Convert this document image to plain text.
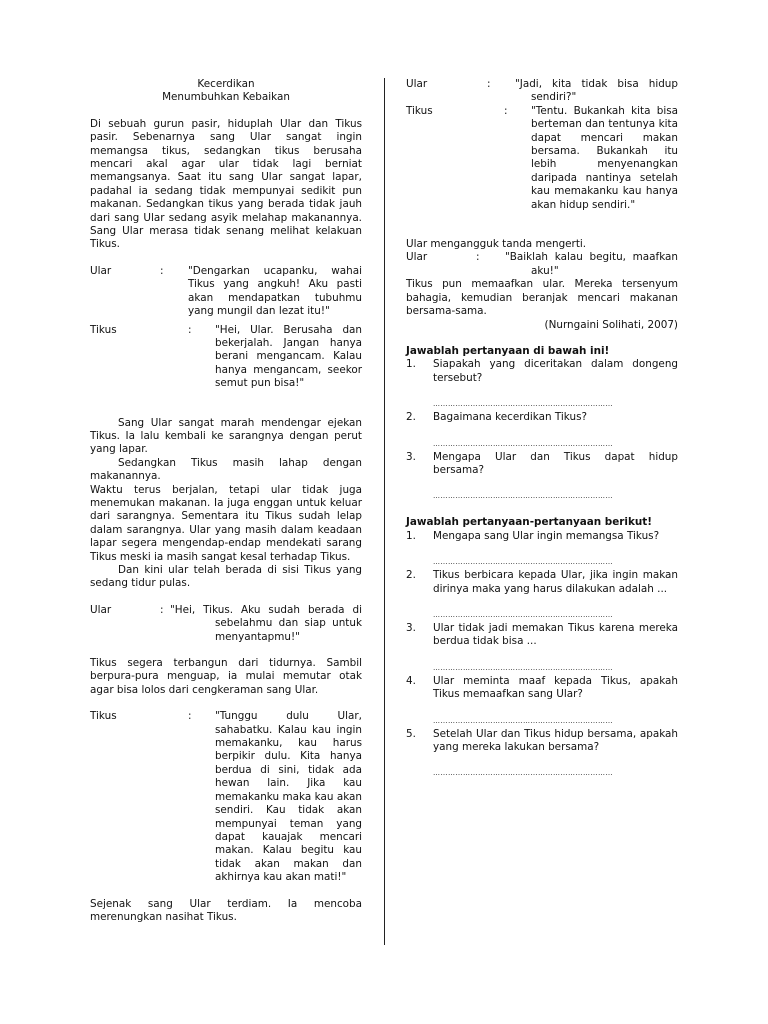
Kecerdikan

Menumbuhkan Kebaikan

Di sebuah gurun pasir, hiduplah Ular dan Tikus pasir. Sebenarnya sang Ular sangat ingin memangsa tikus, sedangkan tikus berusaha mencari akal agar ular tidak lagi berniat memangsanya. Saat itu sang Ular sangat lapar, padahal ia sedang tidak mempunyai sedikit pun makanan. Sedangkan tikus yang berada tidak jauh dari sang Ular sedang asyik melahap makanannya. Sang Ular merasa tidak senang melihat kelakuan Tikus.

Ular	:	"Dengarkan ucapanku, wahai Tikus yang angkuh! Aku pasti akan mendapatkan tubuhmu yang mungil dan lezat itu!"
Tikus	:	"Hei, Ular. Berusaha dan bekerjalah. Jangan hanya berani mengancam. Kalau hanya mengancam, seekor semut pun bisa!"

Sang Ular sangat marah mendengar ejekan Tikus. Ia lalu kembali ke sarangnya dengan perut yang lapar.

Sedangkan Tikus masih lahap dengan makanannya.

Waktu terus berjalan, tetapi ular tidak juga menemukan makanan. Ia juga enggan untuk keluar dari sarangnya. Sementara itu Tikus sudah lelap dalam sarangnya. Ular yang masih dalam keadaan lapar segera mengendap-endap mendekati sarang Tikus meski ia masih sangat kesal terhadap Tikus.

Dan kini ular telah berada di sisi Tikus yang sedang tidur pulas.

Ular	: "Hei, Tikus. Aku sudah berada di sebelahmu dan siap untuk menyantapmu!"

Tikus segera terbangun dari tidurnya. Sambil berpura-pura menguap, ia mulai memutar otak agar bisa lolos dari cengkeraman sang Ular.

Tikus	:	"Tunggu dulu Ular, sahabatku. Kalau kau ingin memakanku, kau harus berpikir dulu. Kita hanya berdua di sini, tidak ada hewan lain. Jika kau memakanku maka kau akan sendiri. Kau tidak akan mempunyai teman yang dapat kauajak mencari makan. Kalau begitu kau tidak akan makan dan akhirnya kau akan mati!"

Sejenak sang Ular terdiam. Ia mencoba merenungkan nasihat Tikus.

Ular	:	"Jadi, kita tidak bisa hidup sendiri?"
Tikus	:	"Tentu. Bukankah kita bisa berteman dan tentunya kita dapat mencari makan bersama. Bukankah itu lebih menyenangkan daripada nantinya setelah kau memakanku kau hanya akan hidup sendiri."

Ular mengangguk tanda mengerti.

Ular	:	"Baiklah kalau begitu, maafkan aku!"

Tikus pun memaafkan ular. Mereka tersenyum bahagia, kemudian beranjak mencari makanan bersama-sama.

(Nurngaini Solihati, 2007)

Jawablah pertanyaan di bawah ini!

1. Siapakah yang diceritakan dalam dongeng tersebut?
………………………………………………………………
2. Bagaimana kecerdikan Tikus?
………………………………………………………………
3. Mengapa Ular dan Tikus dapat hidup bersama?
………………………………………………………………

Jawablah pertanyaan-pertanyaan berikut!

1. Mengapa sang Ular ingin memangsa Tikus?
………………………………………………………………
2. Tikus berbicara kepada Ular, jika ingin makan dirinya maka yang harus dilakukan adalah ...
………………………………………………………………
3. Ular tidak jadi memakan Tikus karena mereka berdua tidak bisa ...
………………………………………………………………
4. Ular meminta maaf kepada Tikus, apakah Tikus memaafkan sang Ular?
………………………………………………………………
5. Setelah Ular dan Tikus hidup bersama, apakah yang mereka lakukan bersama?
………………………………………………………………
